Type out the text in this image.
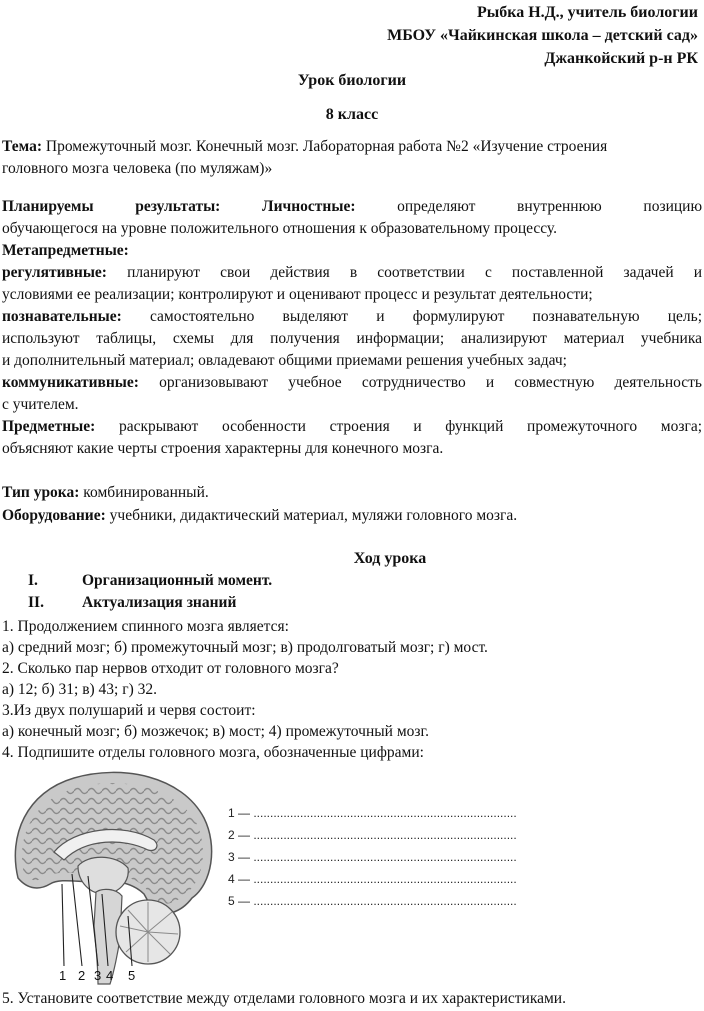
Рыбка Н.Д., учитель биологии
МБОУ «Чайкинская школа – детский сад»
Джанкойский р-н РК
Урок биологии
8 класс
Тема: Промежуточный мозг. Конечный мозг. Лабораторная работа №2 «Изучение строения
головного мозга человека (по муляжам)»
Планируемы	результаты:	Личностные:	определяют внутреннюю позицию
обучающегося на уровне положительного отношения к образовательному процессу.
Метапредметные:
регулятивные: планируют свои действия в соответствии с поставленной задачей и
условиями ее реализации; контролируют и оценивают процесс и результат деятельности;
познавательные: самостоятельно выделяют и формулируют познавательную цель;
используют таблицы, схемы для получения информации; анализируют материал учебника
и дополнительный материал; овладевают общими приемами решения учебных задач;
коммуникативные: организовывают учебное сотрудничество и совместную деятельность
с учителем.
Предметные: раскрывают особенности строения и функций промежуточного мозга;
объясняют какие черты строения характерны для конечного мозга.
Тип урока: комбинированный.
Оборудование: учебники, дидактический материал, муляжи головного мозга.
Ход урока
I.	Организационный момент.
II. Актуализация знаний
1. Продолжением спинного мозга является:
а) средний мозг; б) промежуточный мозг; в) продолговатый мозг; г) мост.
2. Сколько пар нервов отходит от головного мозга?
а) 12; б) 31; в) 43; г) 32.
3.Из двух полушарий и червя состоит:
а) конечный мозг; б) мозжечок; в) мост; 4) промежуточный мозг.
4. Подпишите отделы головного мозга, обозначенные цифрами:
1 2 3 4 5
1 — ...............................................................................
2 — ...............................................................................
3 — ...............................................................................
4 — ...............................................................................
5 — ...............................................................................
5. Установите соответствие между отделами головного мозга и их характеристиками.
